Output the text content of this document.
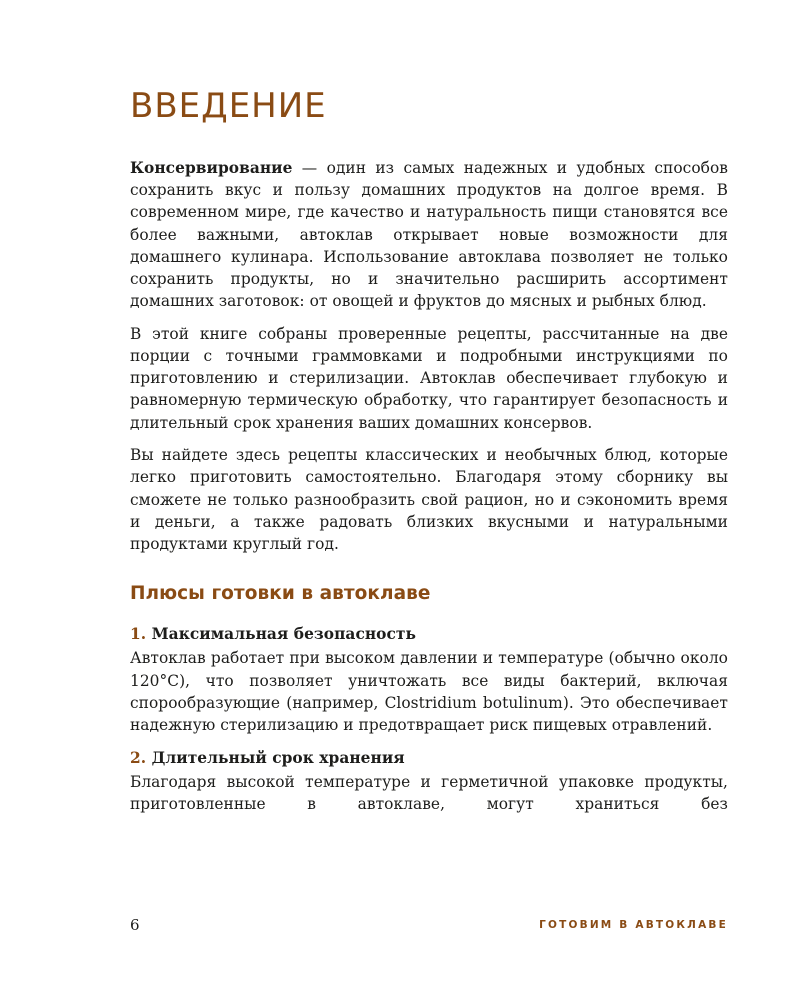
ВВЕДЕНИЕ

Консервирование — один из самых надежных и удобных способов сохранить вкус и пользу домашних продуктов на долгое время. В современном мире, где качество и натуральность пищи становятся все более важными, автоклав открывает новые возможности для домашнего кулинара. Использование автоклава позволяет не только сохранить продукты, но и значительно расширить ассортимент домашних заготовок: от овощей и фруктов до мясных и рыбных блюд.

В этой книге собраны проверенные рецепты, рассчитанные на две порции с точными граммовками и подробными инструкциями по приготовлению и стерилизации. Автоклав обеспечивает глубокую и равномерную термическую обработку, что гарантирует безопасность и длительный срок хранения ваших домашних консервов.

Вы найдете здесь рецепты классических и необычных блюд, которые легко приготовить самостоятельно. Благодаря этому сборнику вы сможете не только разнообразить свой рацион, но и сэкономить время и деньги, а также радовать близких вкусными и натуральными продуктами круглый год.

Плюсы готовки в автоклаве
1. Максимальная безопасность

Автоклав работает при высоком давлении и температуре (обычно около 120°С), что позволяет уничтожать все виды бактерий, включая спорообразующие (например, Clostridium botulinum). Это обеспечивает надежную стерилизацию и предотвращает риск пищевых отравлений.

2. Длительный срок хранения

Благодаря высокой температуре и герметичной упаковке продукты, приготовленные в автоклаве, могут храниться без

6	ГОТОВИМ В АВТОКЛАВЕ
